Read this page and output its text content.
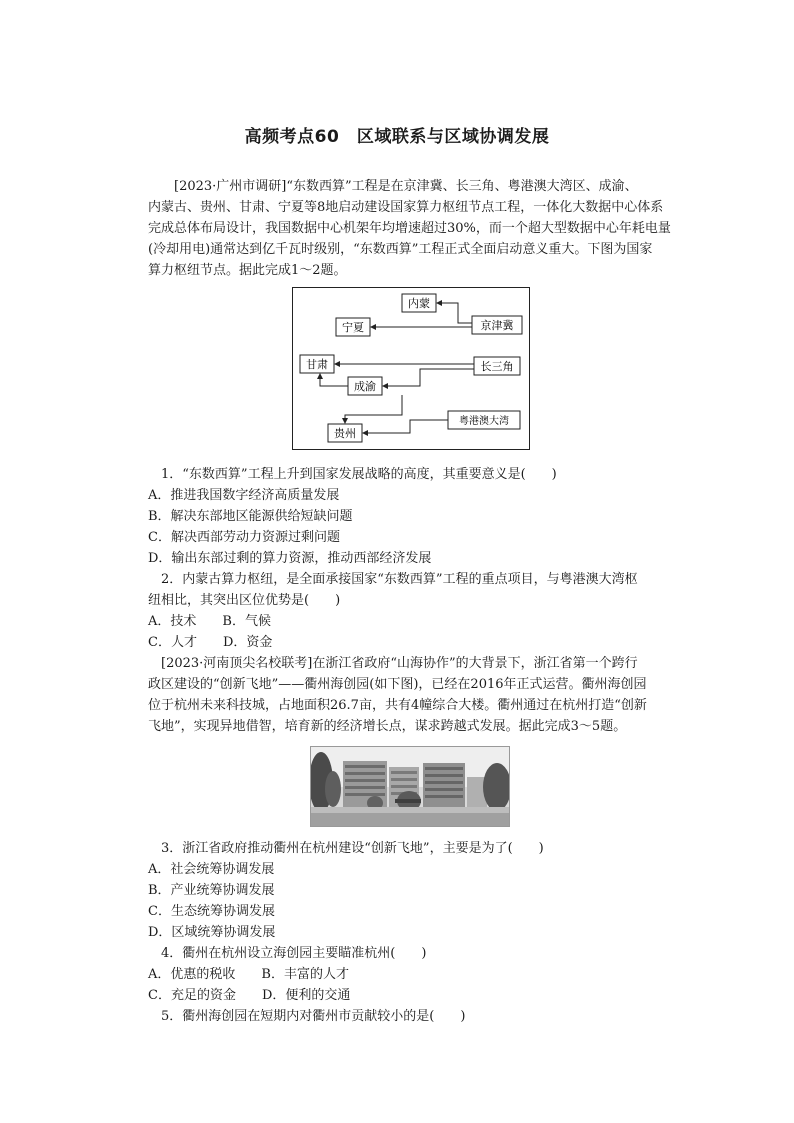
高频考点60　区域联系与区域协调发展
[2023·广州市调研]“东数西算”工程是在京津冀、长三角、粤港澳大湾区、成渝、
内蒙古、贵州、甘肃、宁夏等8地启动建设国家算力枢纽节点工程，一体化大数据中心体系
完成总体布局设计，我国数据中心机架年均增速超过30%，而一个超大型数据中心年耗电量
(冷却用电)通常达到亿千瓦时级别，“东数西算”工程正式全面启动意义重大。下图为国家
算力枢纽节点。据此完成1～2题。
内蒙
京津冀
宁夏
甘肃	长三角
成渝
粤港澳大湾
贵州
1．“东数西算”工程上升到国家发展战略的高度，其重要意义是(　　)
A．推进我国数字经济高质量发展
B．解决东部地区能源供给短缺问题
C．解决西部劳动力资源过剩问题
D．输出东部过剩的算力资源，推动西部经济发展
2．内蒙古算力枢纽，是全面承接国家“东数西算”工程的重点项目，与粤港澳大湾枢
纽相比，其突出区位优势是(　　)
A．技术 B．气候
C．人才 D．资金
[2023·河南顶尖名校联考]在浙江省政府“山海协作”的大背景下，浙江省第一个跨行
政区建设的“创新飞地”——衢州海创园(如下图)，已经在2016年正式运营。衢州海创园
位于杭州未来科技城，占地面积26.7亩，共有4幢综合大楼。衢州通过在杭州打造“创新
飞地”，实现异地借智，培育新的经济增长点，谋求跨越式发展。据此完成3～5题。
3．浙江省政府推动衢州在杭州建设“创新飞地”，主要是为了(　　)
A．社会统筹协调发展
B．产业统筹协调发展
C．生态统筹协调发展
D．区域统筹协调发展
4．衢州在杭州设立海创园主要瞄准杭州(　　)
A．优惠的税收 B．丰富的人才
C．充足的资金 D．便利的交通
5．衢州海创园在短期内对衢州市贡献较小的是(　　)
